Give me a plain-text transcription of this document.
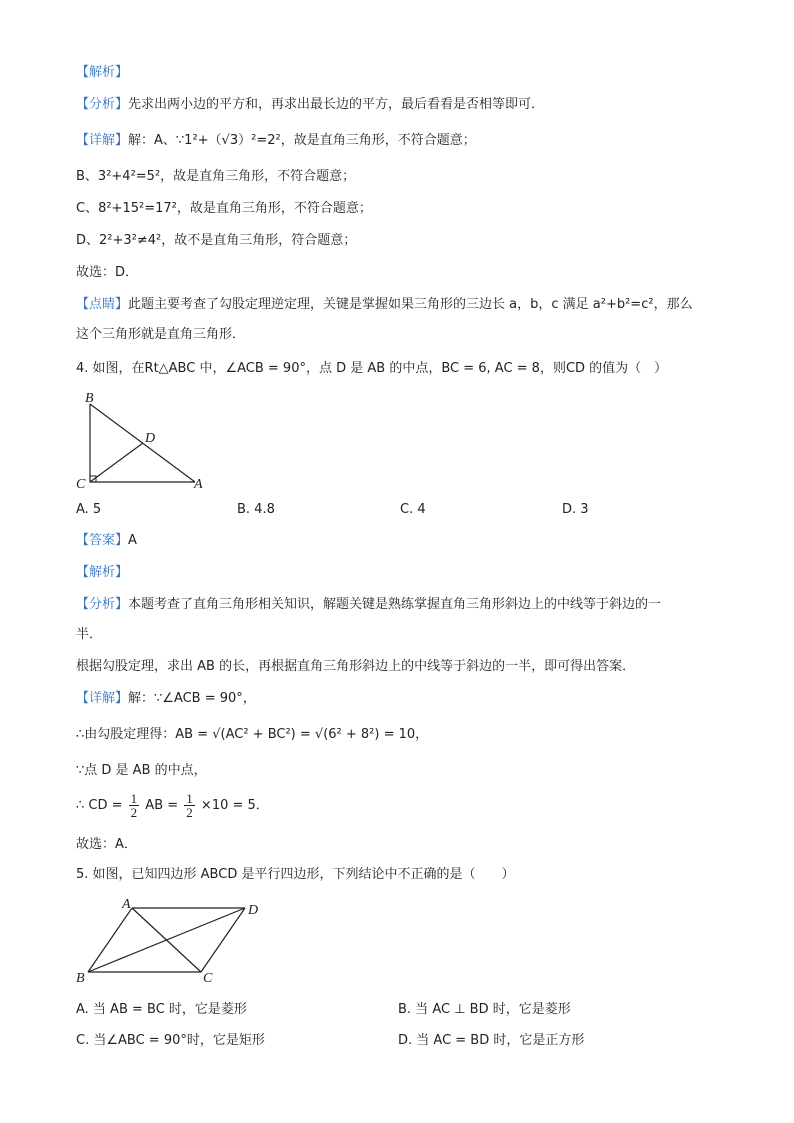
【解析】
【分析】先求出两小边的平方和，再求出最长边的平方，最后看看是否相等即可．
【详解】解：A、∵1²+（√3）²=2²，故是直角三角形，不符合题意；
B、3²+4²=5²，故是直角三角形，不符合题意；
C、8²+15²=17²，故是直角三角形，不符合题意；
D、2²+3²≠4²，故不是直角三角形，符合题意；
故选：D．
【点睛】此题主要考查了勾股定理逆定理，关键是掌握如果三角形的三边长 a，b，c 满足 a²+b²=c²，那么
这个三角形就是直角三角形．
4. 如图，在Rt△ABC 中，∠ACB = 90°，点 D 是 AB 的中点，BC = 6, AC = 8，则CD 的值为（　）
B
D
C	A
A. 5	B. 4.8	C. 4	D. 3
【答案】A
【解析】
【分析】本题考查了直角三角形相关知识，解题关键是熟练掌握直角三角形斜边上的中线等于斜边的一
半．
根据勾股定理，求出 AB 的长，再根据直角三角形斜边上的中线等于斜边的一半，即可得出答案．
【详解】解：∵∠ACB = 90°，
∴由勾股定理得：AB = √(AC² + BC²) = √(6² + 8²) = 10，
∵点 D 是 AB 的中点，
∴ CD = $\frac{1}{2}$ AB = $\frac{1}{2} \times 10 = 5$．
故选：A．
5. 如图，已知四边形 ABCD 是平行四边形，下列结论中不正确的是（　　）
A	D
B	C
A. 当 AB = BC 时，它是菱形	B. 当 AC ⊥ BD 时，它是菱形
C. 当∠ABC = 90°时，它是矩形	D. 当 AC = BD 时，它是正方形
